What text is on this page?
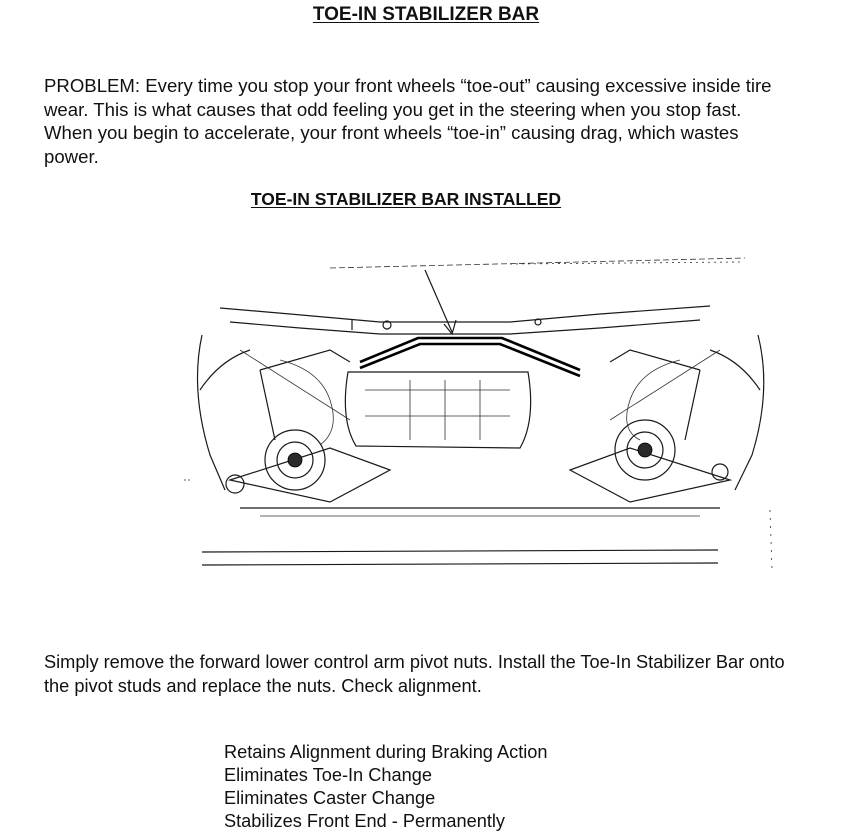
TOE-IN STABILIZER BAR

PROBLEM: Every time you stop your front wheels “toe-out” causing excessive inside tire wear. This is what causes that odd feeling you get in the steering when you stop fast. When you begin to accelerate, your front wheels “toe-in” causing drag, which wastes power.

TOE-IN STABILIZER BAR INSTALLED

Simply remove the forward lower control arm pivot nuts. Install the Toe-In Stabilizer Bar onto the pivot studs and replace the nuts. Check alignment.

Retains Alignment during Braking Action
Eliminates Toe-In Change
Eliminates Caster Change
Stabilizes Front End - Permanently
